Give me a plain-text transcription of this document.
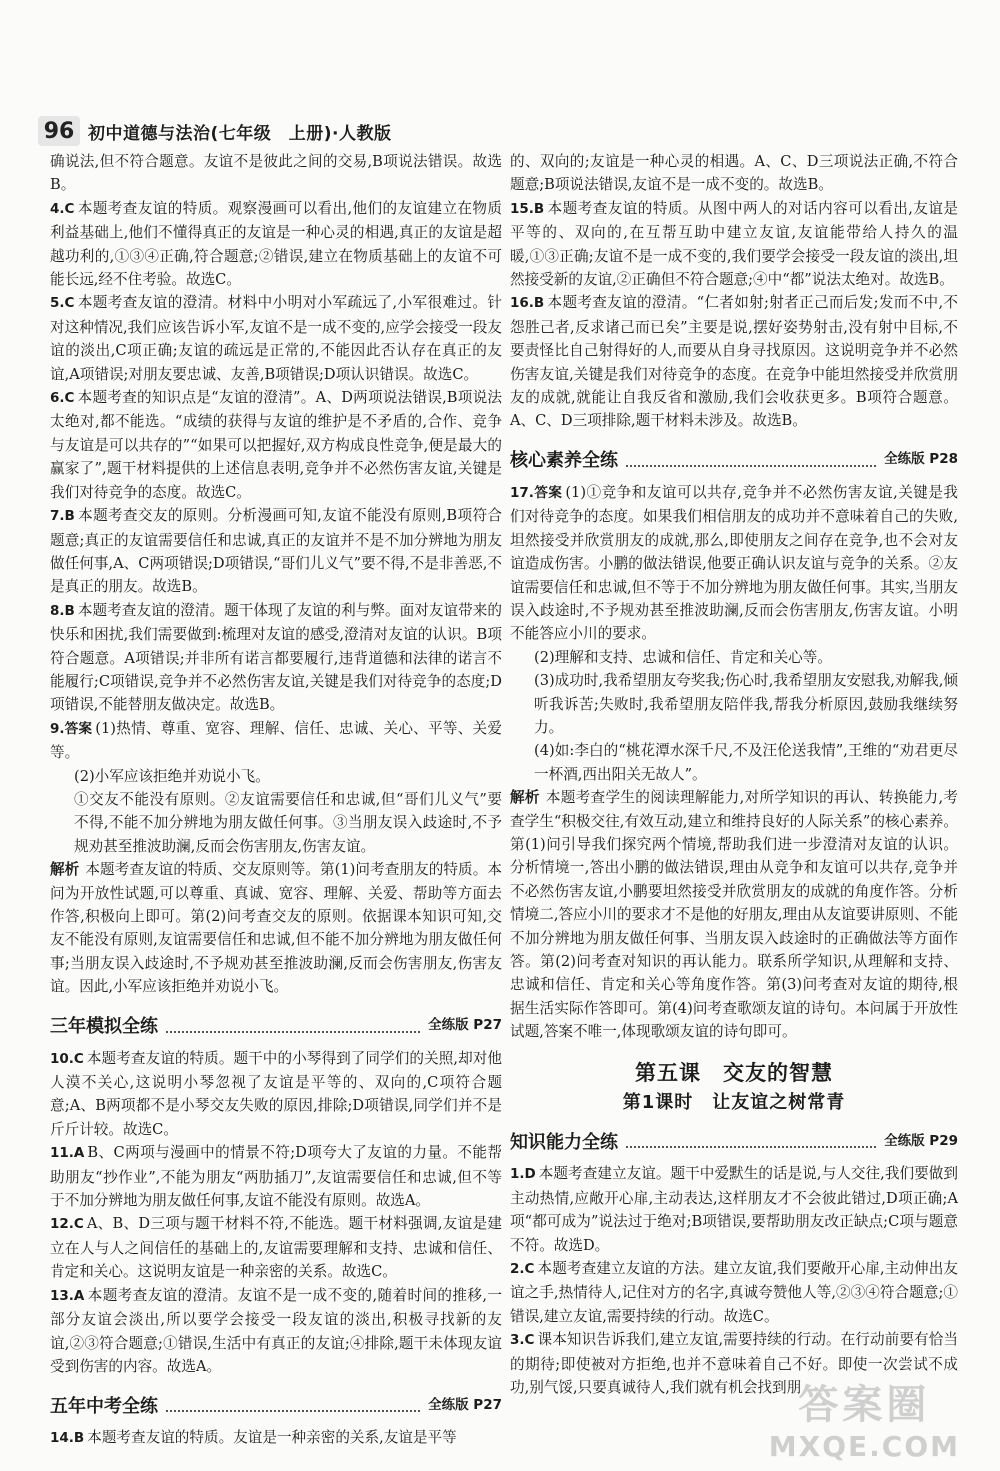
96 初中道德与法治(七年级　上册)·人教版
确说法,但不符合题意。友谊不是彼此之间的交易,B项说法错误。故选B。
4.C 本题考查友谊的特质。观察漫画可以看出,他们的友谊建立在物质利益基础上,他们不懂得真正的友谊是一种心灵的相遇,真正的友谊是超越功利的,①③④正确,符合题意;②错误,建立在物质基础上的友谊不可能长远,经不住考验。故选C。
5.C 本题考查友谊的澄清。材料中小明对小军疏远了,小军很难过。针对这种情况,我们应该告诉小军,友谊不是一成不变的,应学会接受一段友谊的淡出,C项正确;友谊的疏远是正常的,不能因此否认存在真正的友谊,A项错误;对朋友要忠诚、友善,B项错误;D项认识错误。故选C。
6.C 本题考查的知识点是“友谊的澄清”。A、D两项说法错误,B项说法太绝对,都不能选。“成绩的获得与友谊的维护是不矛盾的,合作、竞争与友谊是可以共存的”“如果可以把握好,双方构成良性竞争,便是最大的赢家了”,题干材料提供的上述信息表明,竞争并不必然伤害友谊,关键是我们对待竞争的态度。故选C。
7.B 本题考查交友的原则。分析漫画可知,友谊不能没有原则,B项符合题意;真正的友谊需要信任和忠诚,真正的友谊并不是不加分辨地为朋友做任何事,A、C两项错误;D项错误,“哥们儿义气”要不得,不是非善恶,不是真正的朋友。故选B。
8.B 本题考查友谊的澄清。题干体现了友谊的利与弊。面对友谊带来的快乐和困扰,我们需要做到:梳理对友谊的感受,澄清对友谊的认识。B项符合题意。A项错误;并非所有诺言都要履行,违背道德和法律的诺言不能履行;C项错误,竞争并不必然伤害友谊,关键是我们对待竞争的态度;D项错误,不能替朋友做决定。故选B。
9.答案 (1)热情、尊重、宽容、理解、信任、忠诚、关心、平等、关爱等。
(2)小军应该拒绝并劝说小飞。
①交友不能没有原则。②友谊需要信任和忠诚,但“哥们儿义气”要不得,不能不加分辨地为朋友做任何事。③当朋友误入歧途时,不予规劝甚至推波助澜,反而会伤害朋友,伤害友谊。
解析 本题考查友谊的特质、交友原则等。第(1)问考查朋友的特质。本问为开放性试题,可以尊重、真诚、宽容、理解、关爱、帮助等方面去作答,积极向上即可。第(2)问考查交友的原则。依据课本知识可知,交友不能没有原则,友谊需要信任和忠诚,但不能不加分辨地为朋友做任何事;当朋友误入歧途时,不予规劝甚至推波助澜,反而会伤害朋友,伤害友谊。因此,小军应该拒绝并劝说小飞。
三年模拟全练	全练版 P27
10.C 本题考查友谊的特质。题干中的小琴得到了同学们的关照,却对他人漠不关心,这说明小琴忽视了友谊是平等的、双向的,C项符合题意;A、B两项都不是小琴交友失败的原因,排除;D项错误,同学们并不是斤斤计较。故选C。
11.A B、C两项与漫画中的情景不符;D项夸大了友谊的力量。不能帮助朋友“抄作业”,不能为朋友“两肋插刀”,友谊需要信任和忠诚,但不等于不加分辨地为朋友做任何事,友谊不能没有原则。故选A。
12.C A、B、D三项与题干材料不符,不能选。题干材料强调,友谊是建立在人与人之间信任的基础上的,友谊需要理解和支持、忠诚和信任、肯定和关心。这说明友谊是一种亲密的关系。故选C。
13.A 本题考查友谊的澄清。友谊不是一成不变的,随着时间的推移,一部分友谊会淡出,所以要学会接受一段友谊的淡出,积极寻找新的友谊,②③符合题意;①错误,生活中有真正的友谊;④排除,题干未体现友谊受到伤害的内容。故选A。
五年中考全练	全练版 P27
14.B 本题考查友谊的特质。友谊是一种亲密的关系,友谊是平等
的、双向的;友谊是一种心灵的相遇。A、C、D三项说法正确,不符合题意;B项说法错误,友谊不是一成不变的。故选B。
15.B 本题考查友谊的特质。从图中两人的对话内容可以看出,友谊是平等的、双向的,在互帮互助中建立友谊,友谊能带给人持久的温暖,①③正确;友谊不是一成不变的,我们要学会接受一段友谊的淡出,坦然接受新的友谊,②正确但不符合题意;④中“都”说法太绝对。故选B。
16.B 本题考查友谊的澄清。“仁者如射;射者正己而后发;发而不中,不怨胜己者,反求诸己而已矣”主要是说,摆好姿势射击,没有射中目标,不要责怪比自己射得好的人,而要从自身寻找原因。这说明竞争并不必然伤害友谊,关键是我们对待竞争的态度。在竞争中能坦然接受并欣赏朋友的成就,就能让自我反省和激励,我们会收获更多。B项符合题意。A、C、D三项排除,题干材料未涉及。故选B。
核心素养全练	全练版 P28
17.答案 (1)①竞争和友谊可以共存,竞争并不必然伤害友谊,关键是我们对待竞争的态度。如果我们相信朋友的成功并不意味着自己的失败,坦然接受并欣赏朋友的成就,那么,即使朋友之间存在竞争,也不会对友谊造成伤害。小鹏的做法错误,他要正确认识友谊与竞争的关系。②友谊需要信任和忠诚,但不等于不加分辨地为朋友做任何事。其实,当朋友误入歧途时,不予规劝甚至推波助澜,反而会伤害朋友,伤害友谊。小明不能答应小川的要求。
(2)理解和支持、忠诚和信任、肯定和关心等。
(3)成功时,我希望朋友夸奖我;伤心时,我希望朋友安慰我,劝解我,倾听我诉苦;失败时,我希望朋友陪伴我,帮我分析原因,鼓励我继续努力。
(4)如:李白的“桃花潭水深千尺,不及汪伦送我情”,王维的“劝君更尽一杯酒,西出阳关无故人”。
解析 本题考查学生的阅读理解能力,对所学知识的再认、转换能力,考查学生“积极交往,有效互动,建立和维持良好的人际关系”的核心素养。第(1)问引导我们探究两个情境,帮助我们进一步澄清对友谊的认识。分析情境一,答出小鹏的做法错误,理由从竞争和友谊可以共存,竞争并不必然伤害友谊,小鹏要坦然接受并欣赏朋友的成就的角度作答。分析情境二,答应小川的要求才不是他的好朋友,理由从友谊要讲原则、不能不加分辨地为朋友做任何事、当朋友误入歧途时的正确做法等方面作答。第(2)问考查对知识的再认能力。联系所学知识,从理解和支持、忠诚和信任、肯定和关心等角度作答。第(3)问考查对友谊的期待,根据生活实际作答即可。第(4)问考查歌颂友谊的诗句。本问属于开放性试题,答案不唯一,体现歌颂友谊的诗句即可。
第五课　交友的智慧
第1课时　让友谊之树常青
知识能力全练	全练版 P29
1.D 本题考查建立友谊。题干中爱默生的话是说,与人交往,我们要做到主动热情,应敞开心扉,主动表达,这样朋友才不会彼此错过,D项正确;A项“都可成为”说法过于绝对;B项错误,要帮助朋友改正缺点;C项与题意不符。故选D。
2.C 本题考查建立友谊的方法。建立友谊,我们要敞开心扉,主动伸出友谊之手,热情待人,记住对方的名字,真诚夸赞他人等,②③④符合题意;①错误,建立友谊,需要持续的行动。故选C。
3.C 课本知识告诉我们,建立友谊,需要持续的行动。在行动前要有恰当的期待;即使被对方拒绝,也并不意味着自己不好。即使一次尝试不成功,别气馁,只要真诚待人,我们就有机会找到朋
答案圈
MXQE.COM
